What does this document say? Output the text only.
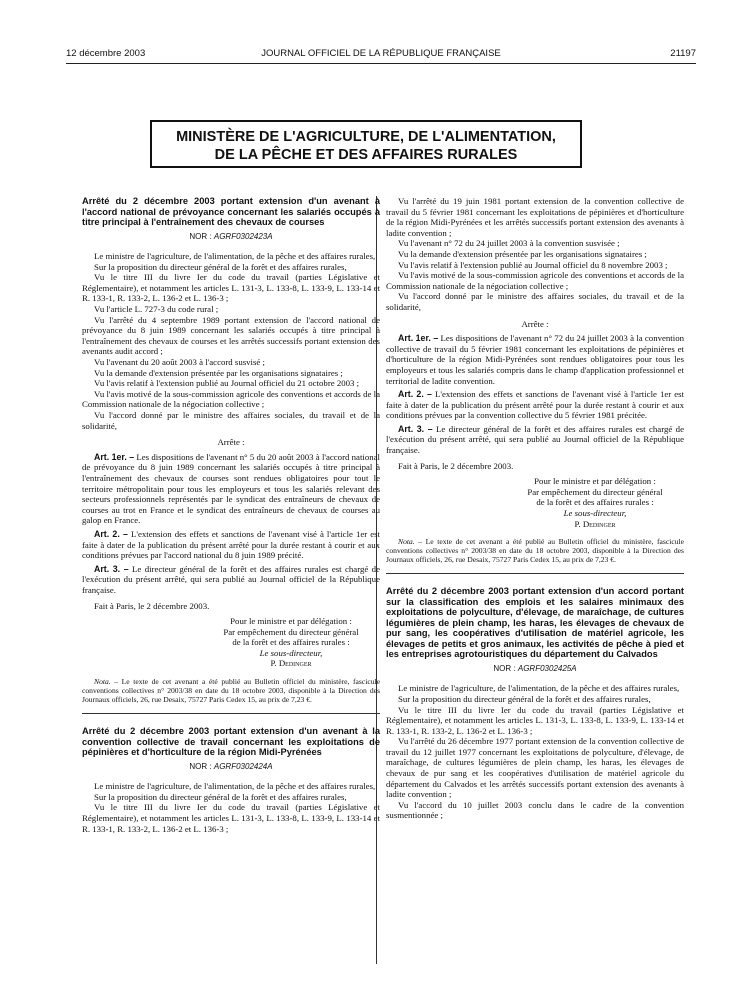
12 décembre 2003	JOURNAL OFFICIEL DE LA RÉPUBLIQUE FRANÇAISE	21197
MINISTÈRE DE L'AGRICULTURE, DE L'ALIMENTATION,
DE LA PÊCHE ET DES AFFAIRES RURALES
Arrêté du 2 décembre 2003 portant extension d'un avenant à l'accord national de prévoyance concernant les salariés occupés à titre principal à l'entraînement des chevaux de courses
NOR : AGRF0302423A

Le ministre de l'agriculture, de l'alimentation, de la pêche et des affaires rurales,

Sur la proposition du directeur général de la forêt et des affaires rurales,

Vu le titre III du livre Ier du code du travail (parties Législative et Réglementaire), et notamment les articles L. 131-3, L. 133-8, L. 133-9, L. 133-14 et R. 133-1, R. 133-2, L. 136-2 et L. 136-3 ;

Vu l'article L. 727-3 du code rural ;

Vu l'arrêté du 4 septembre 1989 portant extension de l'accord national de prévoyance du 8 juin 1989 concernant les salariés occupés à titre principal à l'entraînement des chevaux de courses et les arrêtés successifs portant extension des avenants audit accord ;

Vu l'avenant du 20 août 2003 à l'accord susvisé ;

Vu la demande d'extension présentée par les organisations signataires ;

Vu l'avis relatif à l'extension publié au Journal officiel du 21 octobre 2003 ;

Vu l'avis motivé de la sous-commission agricole des conventions et accords de la Commission nationale de la négociation collective ;

Vu l'accord donné par le ministre des affaires sociales, du travail et de la solidarité,

Arrête :

Art. 1er. – Les dispositions de l'avenant n° 5 du 20 août 2003 à l'accord national de prévoyance du 8 juin 1989 concernant les salariés occupés à titre principal à l'entraînement des chevaux de courses sont rendues obligatoires pour tout le territoire métropolitain pour tous les employeurs et tous les salariés relevant des secteurs professionnels représentés par le syndicat des entraîneurs de chevaux de courses au trot en France et le syndicat des entraîneurs de chevaux de courses au galop en France.

Art. 2. – L'extension des effets et sanctions de l'avenant visé à l'article 1er est faite à dater de la publication du présent arrêté pour la durée restant à courir et aux conditions prévues par l'accord national du 8 juin 1989 précité.

Art. 3. – Le directeur général de la forêt et des affaires rurales est chargé de l'exécution du présent arrêté, qui sera publié au Journal officiel de la République française.

Fait à Paris, le 2 décembre 2003.

Pour le ministre et par délégation :
Par empêchement du directeur général
de la forêt et des affaires rurales :
Le sous-directeur,
P. Dedinger

Nota. – Le texte de cet avenant a été publié au Bulletin officiel du ministère, fascicule conventions collectives n° 2003/38 en date du 18 octobre 2003, disponible à la Direction des Journaux officiels, 26, rue Desaix, 75727 Paris Cedex 15, au prix de 7,23 €.

Arrêté du 2 décembre 2003 portant extension d'un avenant à la convention collective de travail concernant les exploitations de pépinières et d'horticulture de la région Midi-Pyrénées
NOR : AGRF0302424A

Le ministre de l'agriculture, de l'alimentation, de la pêche et des affaires rurales,

Sur la proposition du directeur général de la forêt et des affaires rurales,

Vu le titre III du livre Ier du code du travail (parties Législative et Réglementaire), et notamment les articles L. 131-3, L. 133-8, L. 133-9, L. 133-14 et R. 133-1, R. 133-2, L. 136-2 et L. 136-3 ;

Vu l'arrêté du 19 juin 1981 portant extension de la convention collective de travail du 5 février 1981 concernant les exploitations de pépinières et d'horticulture de la région Midi-Pyrénées et les arrêtés successifs portant extension des avenants à ladite convention ;

Vu l'avenant n° 72 du 24 juillet 2003 à la convention susvisée ;

Vu la demande d'extension présentée par les organisations signataires ;

Vu l'avis relatif à l'extension publié au Journal officiel du 8 novembre 2003 ;

Vu l'avis motivé de la sous-commission agricole des conventions et accords de la Commission nationale de la négociation collective ;

Vu l'accord donné par le ministre des affaires sociales, du travail et de la solidarité,

Arrête :

Art. 1er. – Les dispositions de l'avenant n° 72 du 24 juillet 2003 à la convention collective de travail du 5 février 1981 concernant les exploitations de pépinières et d'horticulture de la région Midi-Pyrénées sont rendues obligatoires pour tous les employeurs et tous les salariés compris dans le champ d'application professionnel et territorial de ladite convention.

Art. 2. – L'extension des effets et sanctions de l'avenant visé à l'article 1er est faite à dater de la publication du présent arrêté pour la durée restant à courir et aux conditions prévues par la convention collective du 5 février 1981 précitée.

Art. 3. – Le directeur général de la forêt et des affaires rurales est chargé de l'exécution du présent arrêté, qui sera publié au Journal officiel de la République française.

Fait à Paris, le 2 décembre 2003.

Pour le ministre et par délégation :
Par empêchement du directeur général
de la forêt et des affaires rurales :
Le sous-directeur,
P. Dedinger

Nota. – Le texte de cet avenant a été publié au Bulletin officiel du ministère, fascicule conventions collectives n° 2003/38 en date du 18 octobre 2003, disponible à la Direction des Journaux officiels, 26, rue Desaix, 75727 Paris Cedex 15, au prix de 7,23 €.

Arrêté du 2 décembre 2003 portant extension d'un accord portant sur la classification des emplois et les salaires minimaux des exploitations de polyculture, d'élevage, de maraîchage, de cultures légumières de plein champ, les haras, les élevages de chevaux de pur sang, les coopératives d'utilisation de matériel agricole, les élevages de petits et gros animaux, les activités de pêche à pied et les entreprises agrotouristiques du département du Calvados
NOR : AGRF0302425A

Le ministre de l'agriculture, de l'alimentation, de la pêche et des affaires rurales,

Sur la proposition du directeur général de la forêt et des affaires rurales,

Vu le titre III du livre Ier du code du travail (parties Législative et Réglementaire), et notamment les articles L. 131-3, L. 133-8, L. 133-9, L. 133-14 et R. 133-1, R. 133-2, L. 136-2 et L. 136-3 ;

Vu l'arrêté du 26 décembre 1977 portant extension de la convention collective de travail du 12 juillet 1977 concernant les exploitations de polyculture, d'élevage, de maraîchage, de cultures légumières de plein champ, les haras, les élevages de chevaux de pur sang et les coopératives d'utilisation de matériel agricole du département du Calvados et les arrêtés successifs portant extension des avenants à ladite convention ;

Vu l'accord du 10 juillet 2003 conclu dans le cadre de la convention susmentionnée ;
